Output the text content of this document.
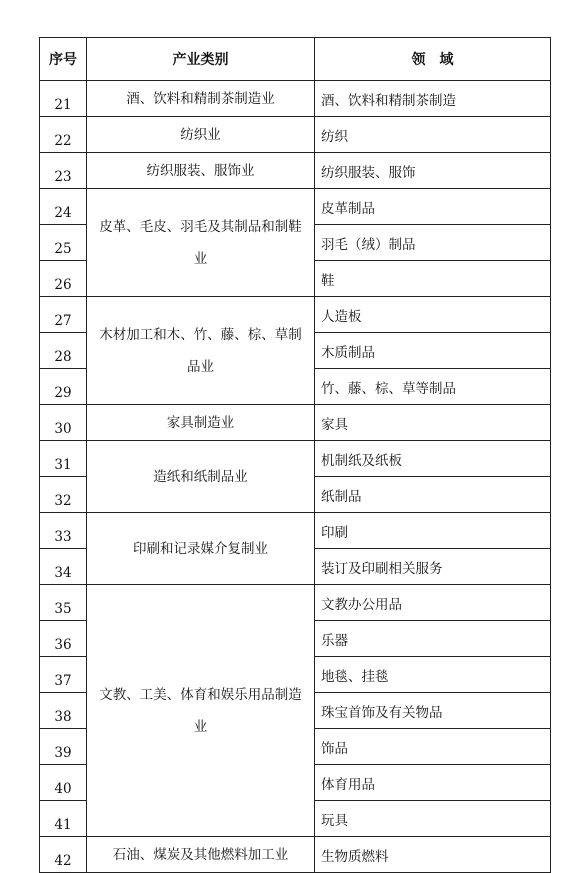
序号	产业类别	领　域
21	酒、饮料和精制茶制造业	酒、饮料和精制茶制造
22	纺织业	纺织
23	纺织服装、服饰业	纺织服装、服饰
24	皮革、毛皮、羽毛及其制品和制鞋业	皮革制品
25		羽毛（绒）制品
26		鞋
27	木材加工和木、竹、藤、棕、草制品业	人造板
28		木质制品
29		竹、藤、棕、草等制品
30	家具制造业	家具
31	造纸和纸制品业	机制纸及纸板
32		纸制品
33	印刷和记录媒介复制业	印刷
34		装订及印刷相关服务
35	文教、工美、体育和娱乐用品制造业	文教办公用品
36		乐器
37		地毯、挂毯
38		珠宝首饰及有关物品
39		饰品
40		体育用品
41		玩具
42	石油、煤炭及其他燃料加工业	生物质燃料
